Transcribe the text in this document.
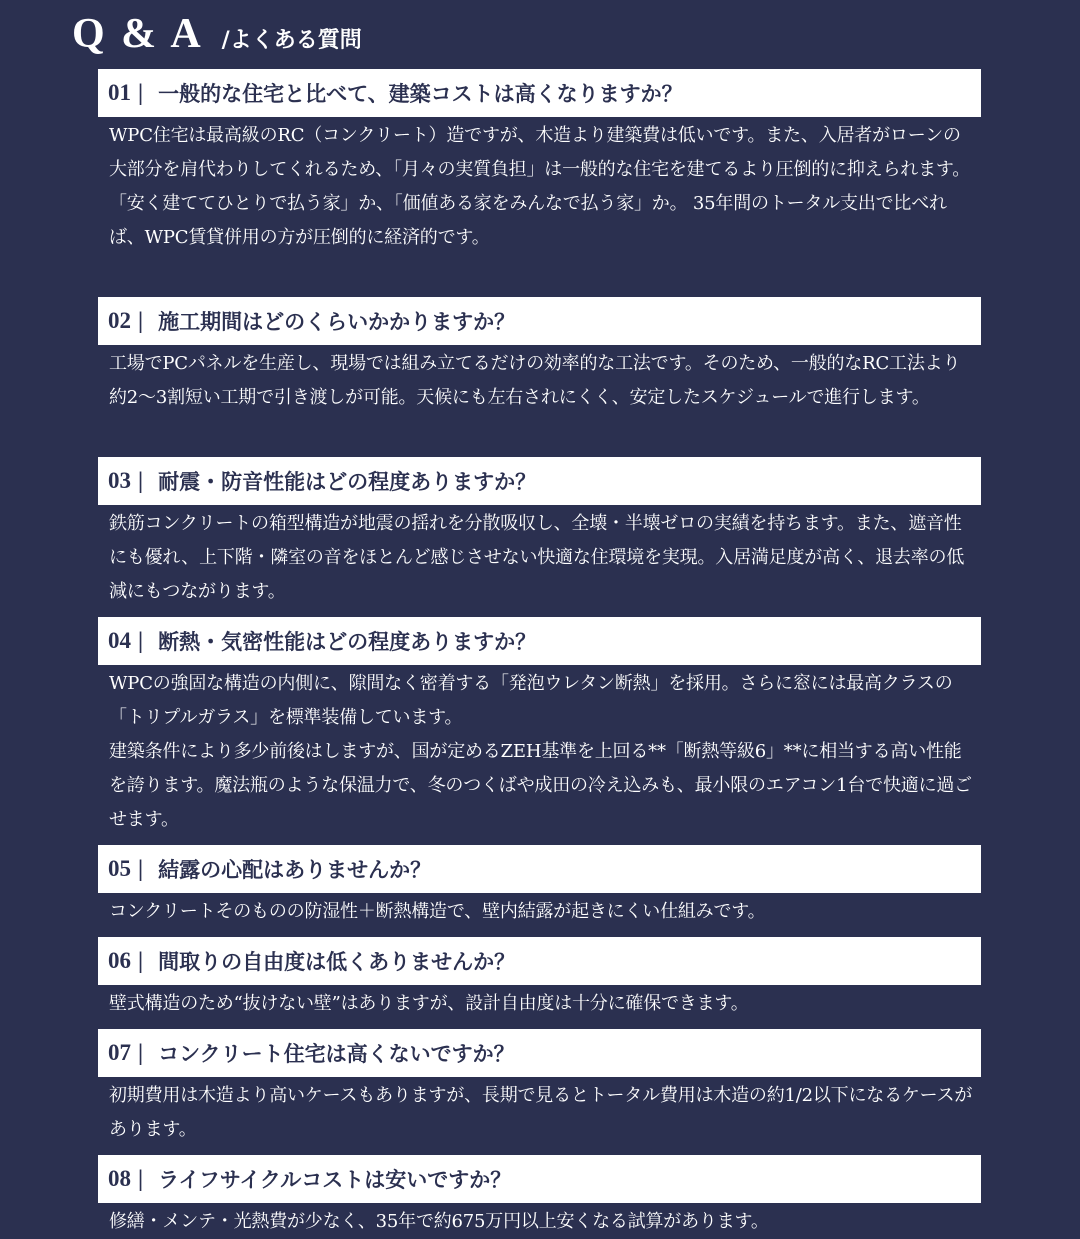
Q & A /よくある質問
01 | 一般的な住宅と比べて、建築コストは高くなりますか？

WPC住宅は最高級のRC（コンクリート）造ですが、木造より建築費は低いです。また、入居者がローンの大部分を肩代わりしてくれるため、「月々の実質負担」は一般的な住宅を建てるより圧倒的に抑えられます。

「安く建ててひとりで払う家」か、「価値ある家をみんなで払う家」か。 35年間のトータル支出で比べれば、WPC賃貸併用の方が圧倒的に経済的です。

02 | 施工期間はどのくらいかかりますか？

工場でPCパネルを生産し、現場では組み立てるだけの効率的な工法です。そのため、一般的なRC工法より約2〜3割短い工期で引き渡しが可能。天候にも左右されにくく、安定したスケジュールで進行します。

03 | 耐震・防音性能はどの程度ありますか？

鉄筋コンクリートの箱型構造が地震の揺れを分散吸収し、全壊・半壊ゼロの実績を持ちます。また、遮音性にも優れ、上下階・隣室の音をほとんど感じさせない快適な住環境を実現。入居満足度が高く、退去率の低減にもつながります。

04 | 断熱・気密性能はどの程度ありますか？

WPCの強固な構造の内側に、隙間なく密着する「発泡ウレタン断熱」を採用。さらに窓には最高クラスの「トリプルガラス」を標準装備しています。

建築条件により多少前後はしますが、国が定めるZEH基準を上回る**「断熱等級6」**に相当する高い性能を誇ります。魔法瓶のような保温力で、冬のつくばや成田の冷え込みも、最小限のエアコン1台で快適に過ごせます。

05 | 結露の心配はありませんか？

コンクリートそのものの防湿性＋断熱構造で、壁内結露が起きにくい仕組みです。

06 | 間取りの自由度は低くありませんか？

壁式構造のため“抜けない壁”はありますが、設計自由度は十分に確保できます。

07 | コンクリート住宅は高くないですか？

初期費用は木造より高いケースもありますが、長期で見るとトータル費用は木造の約1/2以下になるケースがあります。

08 | ライフサイクルコストは安いですか？

修繕・メンテ・光熱費が少なく、35年で約675万円以上安くなる試算があります。
